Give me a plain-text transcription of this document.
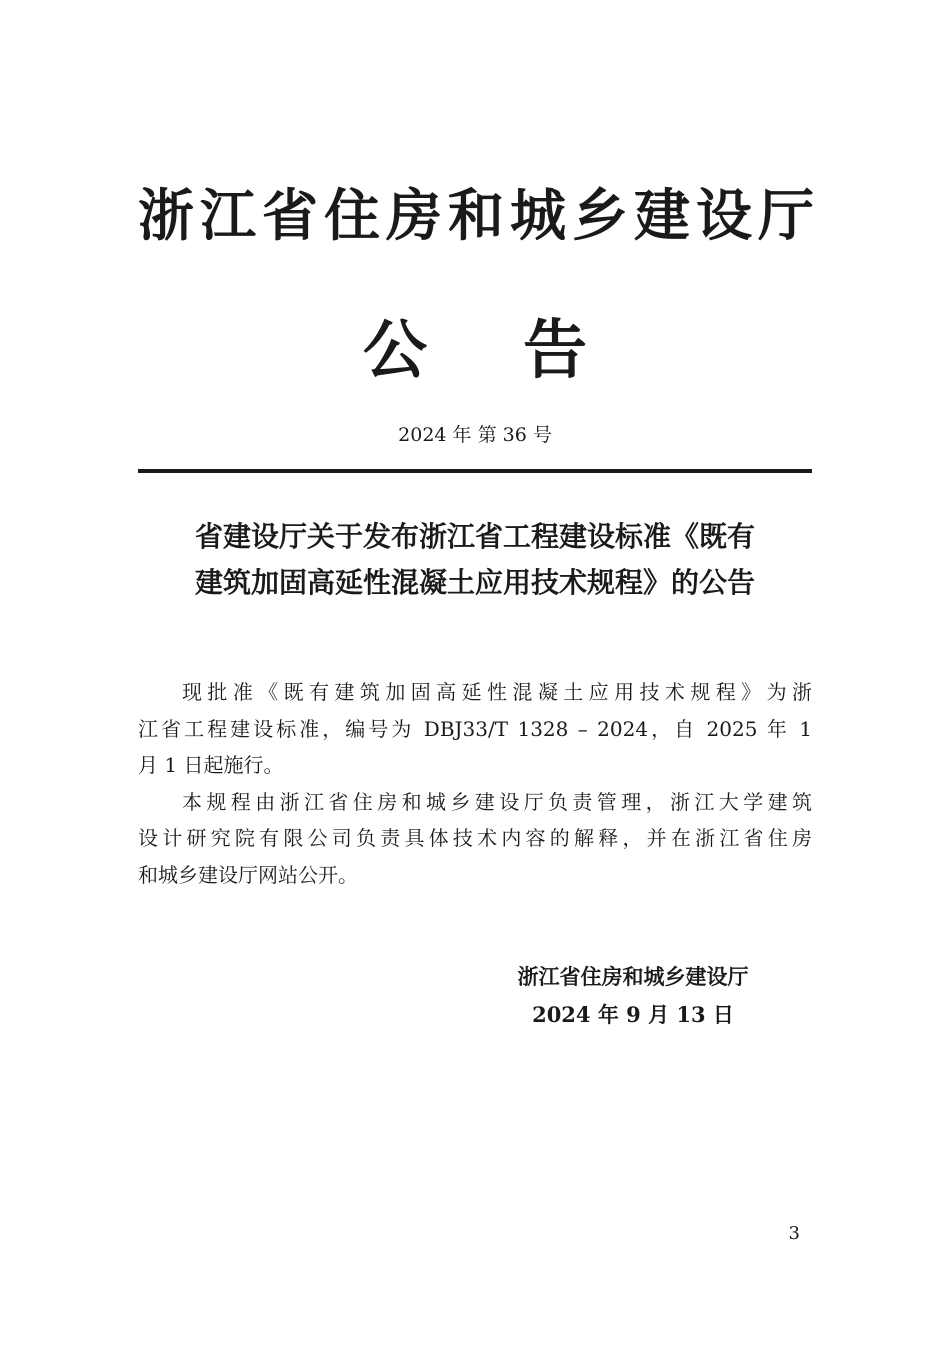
浙江省住房和城乡建设厅
公告
2024 年 第 36 号
省建设厅关于发布浙江省工程建设标准《既有
建筑加固高延性混凝土应用技术规程》的公告
现批准《既有建筑加固高延性混凝土应用技术规程》为浙
江省工程建设标准，编号为 DBJ33/T 1328 – 2024，自 2025 年 1
月 1 日起施行。
本规程由浙江省住房和城乡建设厅负责管理，浙江大学建筑
设计研究院有限公司负责具体技术内容的解释，并在浙江省住房
和城乡建设厅网站公开。
浙江省住房和城乡建设厅
2024 年 9 月 13 日
3
